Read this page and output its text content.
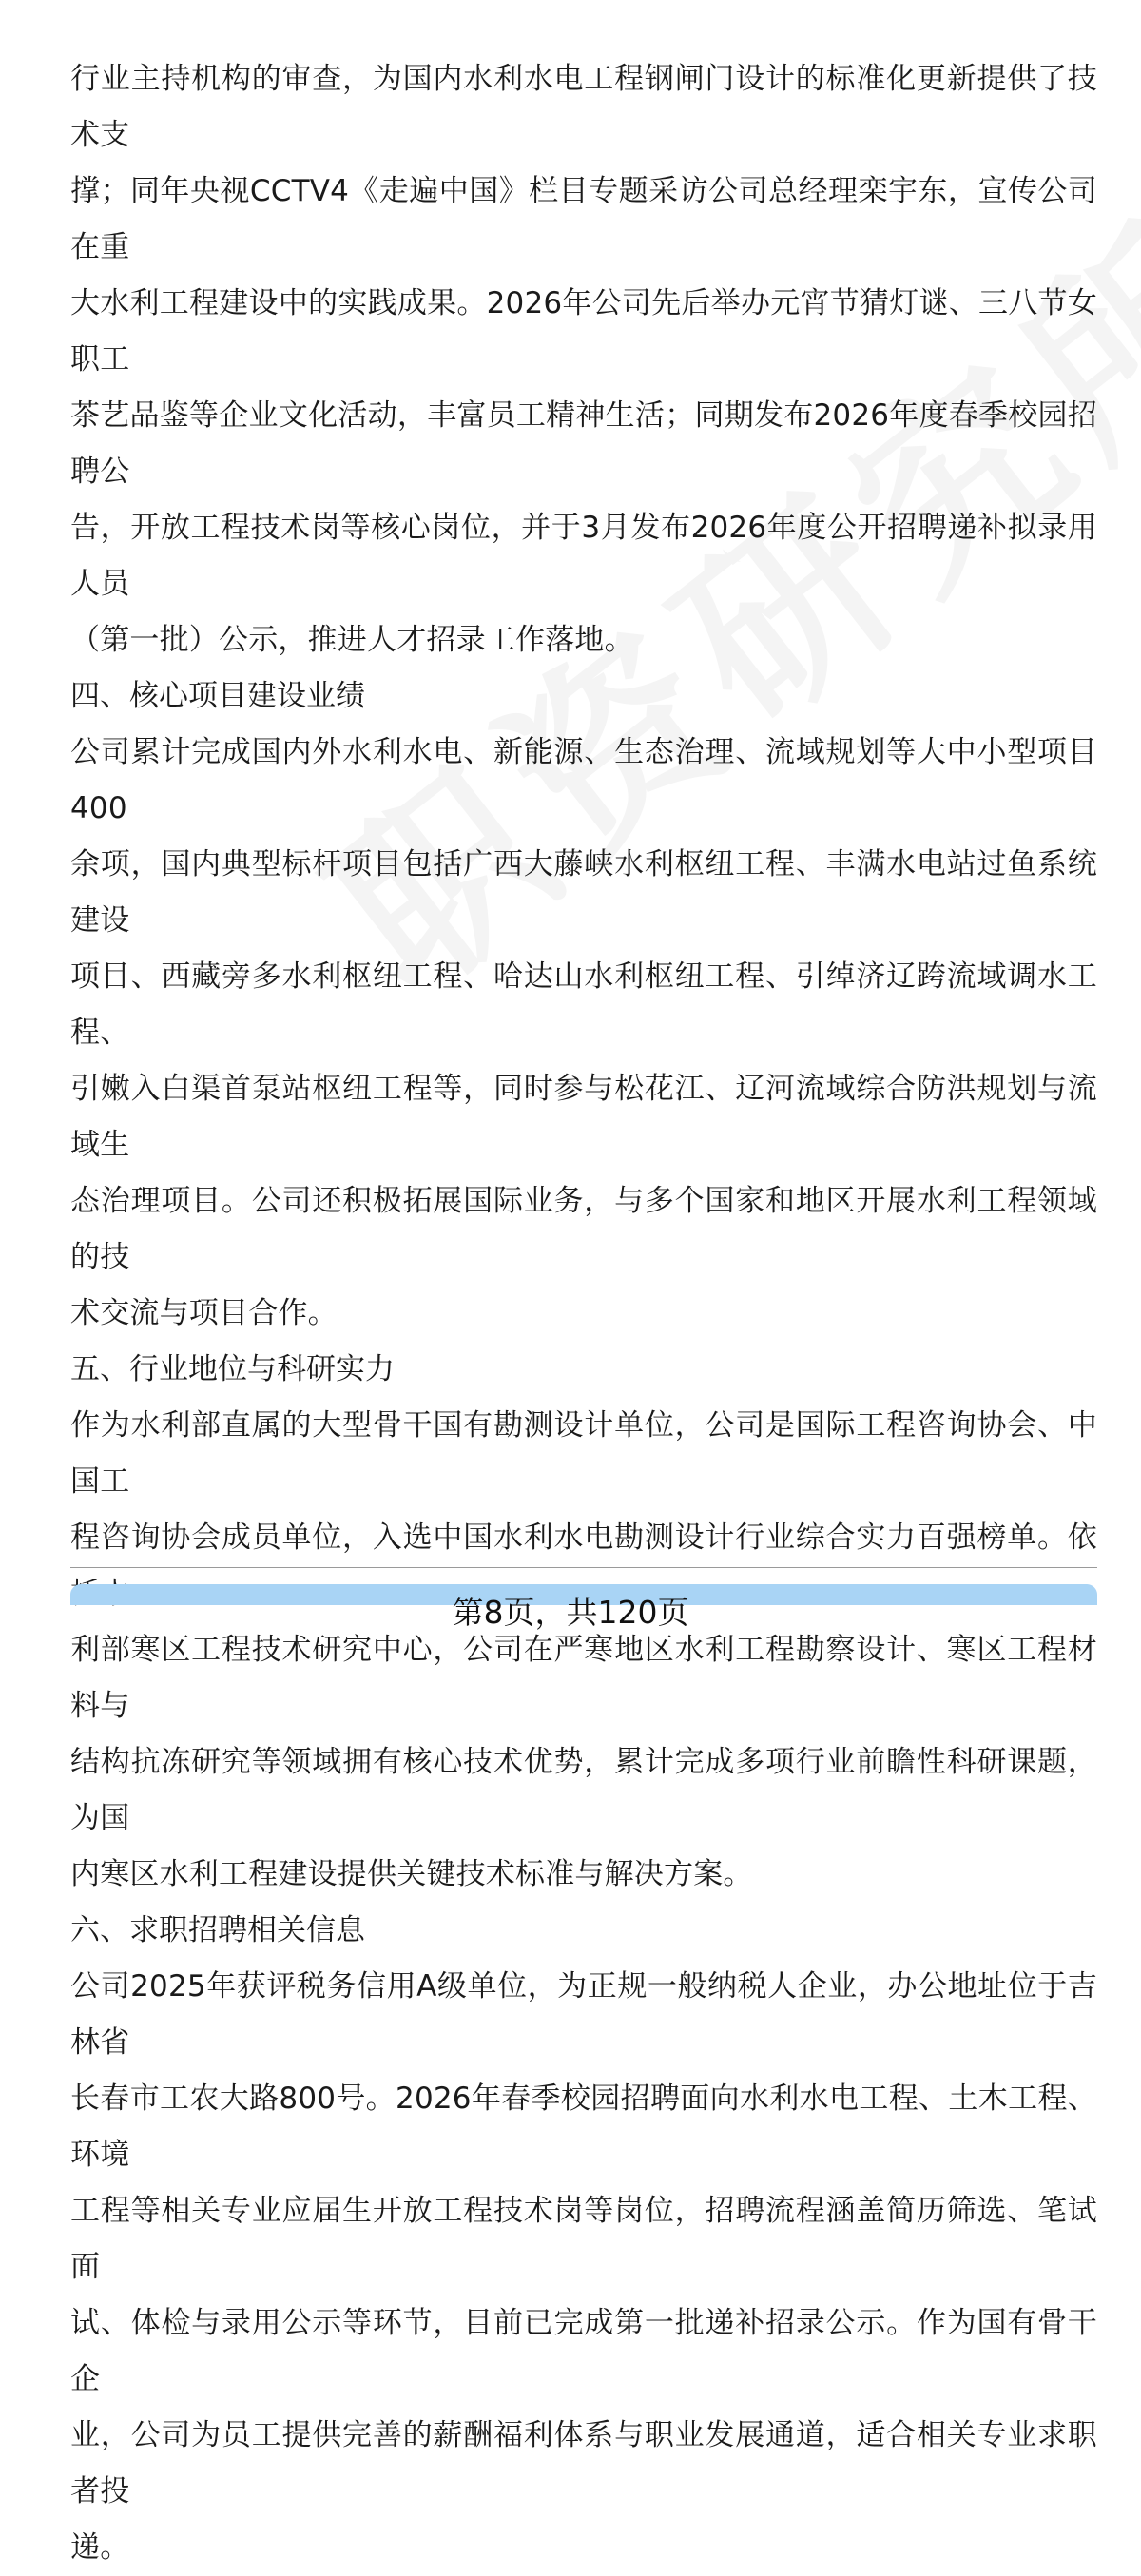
行业主持机构的审查，为国内水利水电工程钢闸门设计的标准化更新提供了技术支
撑；同年央视CCTV4《走遍中国》栏目专题采访公司总经理栾宇东，宣传公司在重
大水利工程建设中的实践成果。2026年公司先后举办元宵节猜灯谜、三八节女职工
茶艺品鉴等企业文化活动，丰富员工精神生活；同期发布2026年度春季校园招聘公
告，开放工程技术岗等核心岗位，并于3月发布2026年度公开招聘递补拟录用人员
（第一批）公示，推进人才招录工作落地。
四、核心项目建设业绩
公司累计完成国内外水利水电、新能源、生态治理、流域规划等大中小型项目400
余项，国内典型标杆项目包括广西大藤峡水利枢纽工程、丰满水电站过鱼系统建设
项目、西藏旁多水利枢纽工程、哈达山水利枢纽工程、引绰济辽跨流域调水工程、
引嫩入白渠首泵站枢纽工程等，同时参与松花江、辽河流域综合防洪规划与流域生
态治理项目。公司还积极拓展国际业务，与多个国家和地区开展水利工程领域的技
术交流与项目合作。
五、行业地位与科研实力
作为水利部直属的大型骨干国有勘测设计单位，公司是国际工程咨询协会、中国工
程咨询协会成员单位，入选中国水利水电勘测设计行业综合实力百强榜单。依
利部寒区工程技术研究中心，公司在严寒地区水利工程勘察设计、寒区工程材料与
结构抗冻研究等领域拥有核心技术优势，累计完成多项行业前瞻性科研课题，为国
内寒区水利工程建设提供关键技术标准与解决方案。
六、求职招聘相关信息
公司2025年获评税务信用A级单位，为正规一般纳税人企业，办公地址位于吉林省
长春市工农大路800号。2026年春季校园招聘面向水利水电工程、土木工程、环境
工程等相关专业应届生开放工程技术岗等岗位，招聘流程涵盖简历筛选、笔试面
试、体检与录用公示等环节，目前已完成第一批递补招录公示。作为国有骨干企
业，公司为员工提供完善的薪酬福利体系与职业发展通道，适合相关专业求职者投
递。
第8页，共120页
